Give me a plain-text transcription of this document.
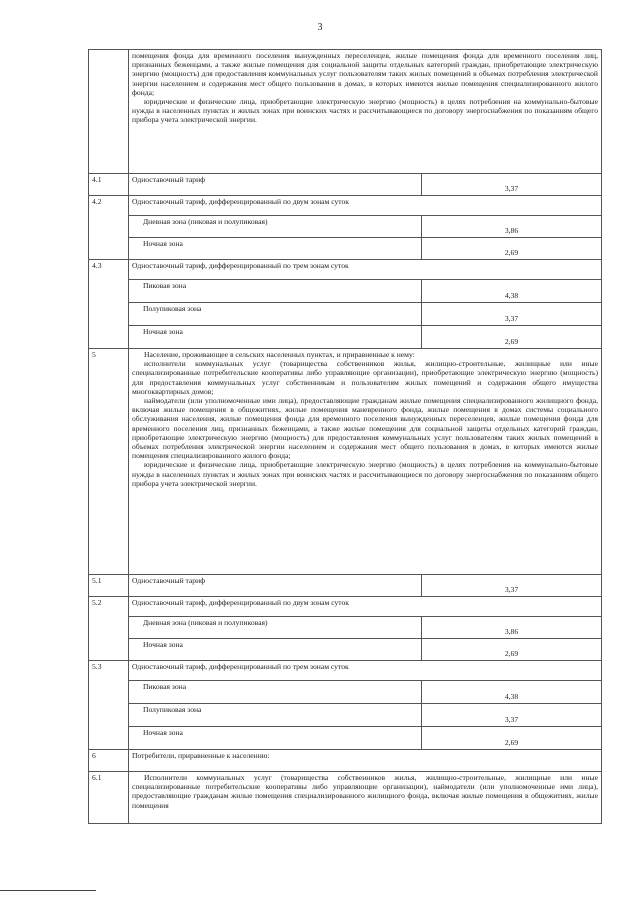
3

	помещения фонда для временного поселения вынужденных переселенцев, жилые помещения фонда для временного поселения лиц, признанных беженцами, а также жилые помещения для социальной защиты отдельных категорий граждан, приобретающие электрическую энергию (мощность) для предоставления коммунальных услуг пользователям таких жилых помещений в объемах потребления электрической энергии населением и содержания мест общего пользования в домах, в которых имеются жилые помещения специализированного жилого фонда;
юридические и физические лица, приобретающие электрическую энергию (мощность) в целях потребления на коммунально-бытовые нужды в населенных пунктах и жилых зонах при воинских частях и рассчитывающиеся по договору энергоснабжения по показаниям общего прибора учета электрической энергии.	

4.1	Одноставочный тариф	3,37
4.2	Одноставочный тариф, дифференцированный по двум зонам суток	
	Дневная зона (пиковая и полупиковая)	3,86
	Ночная зона	2,69
4.3	Одноставочный тариф, дифференцированный по трем зонам суток	
	Пиковая зона	4,38
	Полупиковая зона	3,37
	Ночная зона	2,69
5	Население, проживающее в сельских населенных пунктах, и приравненные к нему:
исполнители коммунальных услуг (товарищества собственников жилья, жилищно-строительные, жилищные или иные специализированные потребительские кооперативы либо управляющие организации), приобретающие электрическую энергию (мощность) для предоставления коммунальных услуг собственникам и пользователям жилых помещений и содержания общего имущества многоквартирных домов;
наймодатели (или уполномоченные ими лица), предоставляющие гражданам жилые помещения специализированного жилищного фонда, включая жилые помещения в общежитиях, жилые помещения маневренного фонда, жилые помещения в домах системы социального обслуживания населения, жилые помещения фонда для временного поселения вынужденных переселенцев, жилые помещения фонда для временного поселения лиц, признанных беженцами, а также жилые помещения для социальной защиты отдельных категорий граждан, приобретающие электрическую энергию (мощность) для предоставления коммунальных услуг пользователям таких жилых помещений в объемах потребления электрической энергии населением и содержания мест общего пользования в домах, в которых имеются жилые помещения специализированного жилого фонда;
юридические и физические лица, приобретающие электрическую энергию (мощность) в целях потребления на коммунально-бытовые нужды в населенных пунктах и жилых зонах при воинских частях и рассчитывающиеся по договору энергоснабжения по показаниям общего прибора учета электрической энергии.	

5.1	Одноставочный тариф	3,37
5.2	Одноставочный тариф, дифференцированный по двум зонам суток	
	Дневная зона (пиковая и полупиковая)	3,86
	Ночная зона	2,69
5.3	Одноставочный тариф, дифференцированный по трем зонам суток	
	Пиковая зона	4,38
	Полупиковая зона	3,37
	Ночная зона	2,69
6	Потребители, приравненные к населению:	
6.1	Исполнители коммунальных услуг (товарищества собственников жилья, жилищно-строительные, жилищные или иные специализированные потребительские кооперативы либо управляющие организации), наймодатели (или уполномоченные ими лица), предоставляющие гражданам жилые помещения специализированного жилищного фонда, включая жилые помещения в общежитиях, жилые помещения	
